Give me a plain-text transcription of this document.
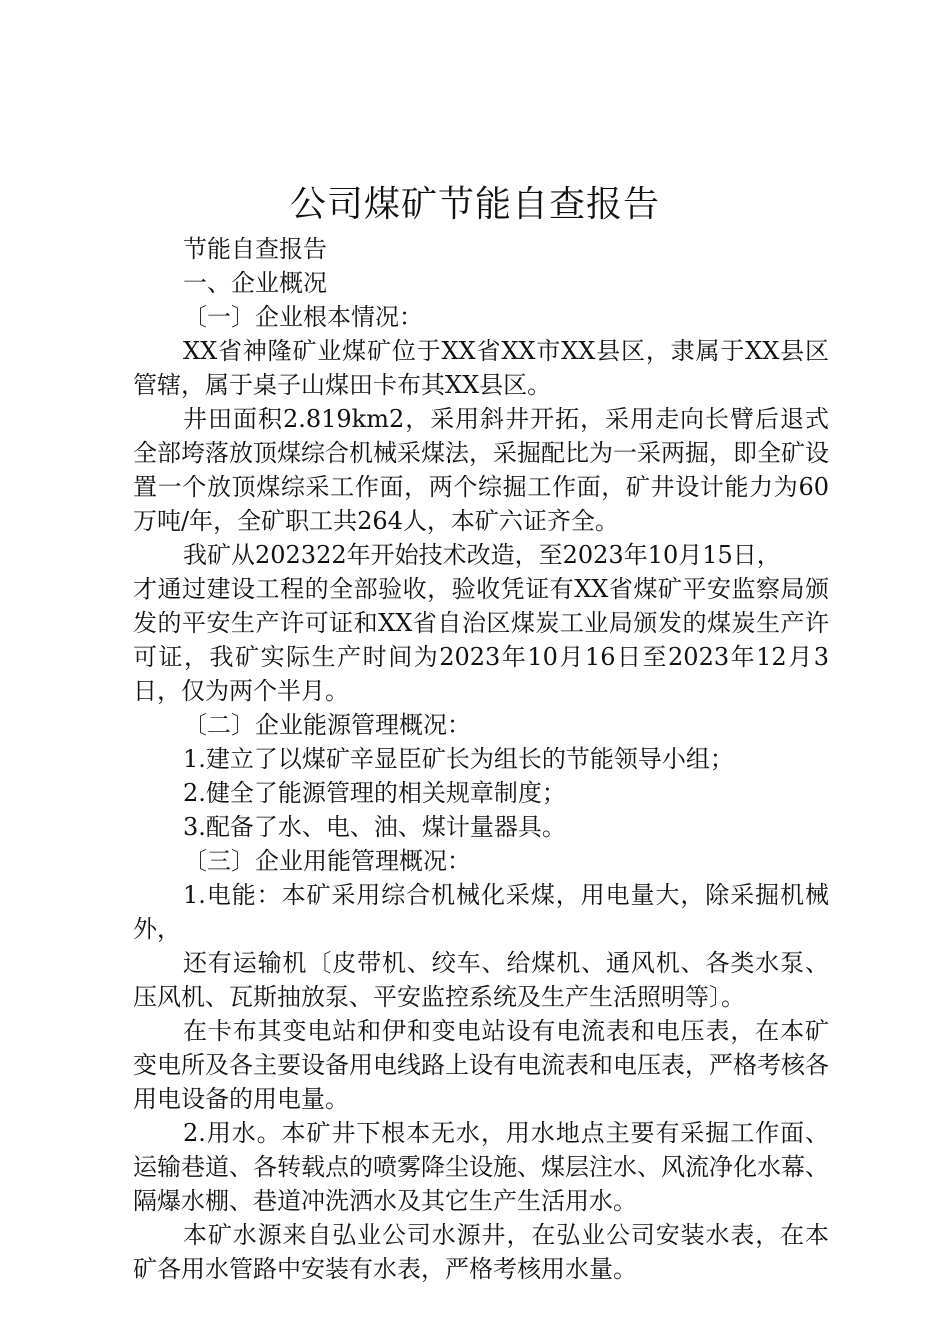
公司煤矿节能自查报告

节能自查报告

一、企业概况

〔一〕企业根本情况：

XX省神隆矿业煤矿位于XX省XX市XX县区，隶属于XX县区管辖，属于桌子山煤田卡布其XX县区。

井田面积2.819km2，采用斜井开拓，采用走向长臂后退式全部垮落放顶煤综合机械采煤法，采掘配比为一采两掘，即全矿设置一个放顶煤综采工作面，两个综掘工作面，矿井设计能力为60万吨/年，全矿职工共264人，本矿六证齐全。

我矿从202322年开始技术改造，至2023年10月15日，

才通过建设工程的全部验收，验收凭证有XX省煤矿平安监察局颁发的平安生产许可证和XX省自治区煤炭工业局颁发的煤炭生产许可证，我矿实际生产时间为2023年10月16日至2023年12月3日，仅为两个半月。

〔二〕企业能源管理概况：

1.建立了以煤矿辛显臣矿长为组长的节能领导小组；

2.健全了能源管理的相关规章制度；

3.配备了水、电、油、煤计量器具。

〔三〕企业用能管理概况：

1.电能：本矿采用综合机械化采煤，用电量大，除采掘机械外，

还有运输机〔皮带机、绞车、给煤机、通风机、各类水泵、压风机、瓦斯抽放泵、平安监控系统及生产生活照明等〕。

在卡布其变电站和伊和变电站设有电流表和电压表，在本矿变电所及各主要设备用电线路上设有电流表和电压表，严格考核各用电设备的用电量。

2.用水。本矿井下根本无水，用水地点主要有采掘工作面、运输巷道、各转载点的喷雾降尘设施、煤层注水、风流净化水幕、隔爆水棚、巷道冲洗洒水及其它生产生活用水。

本矿水源来自弘业公司水源井，在弘业公司安装水表，在本矿各用水管路中安装有水表，严格考核用水量。
